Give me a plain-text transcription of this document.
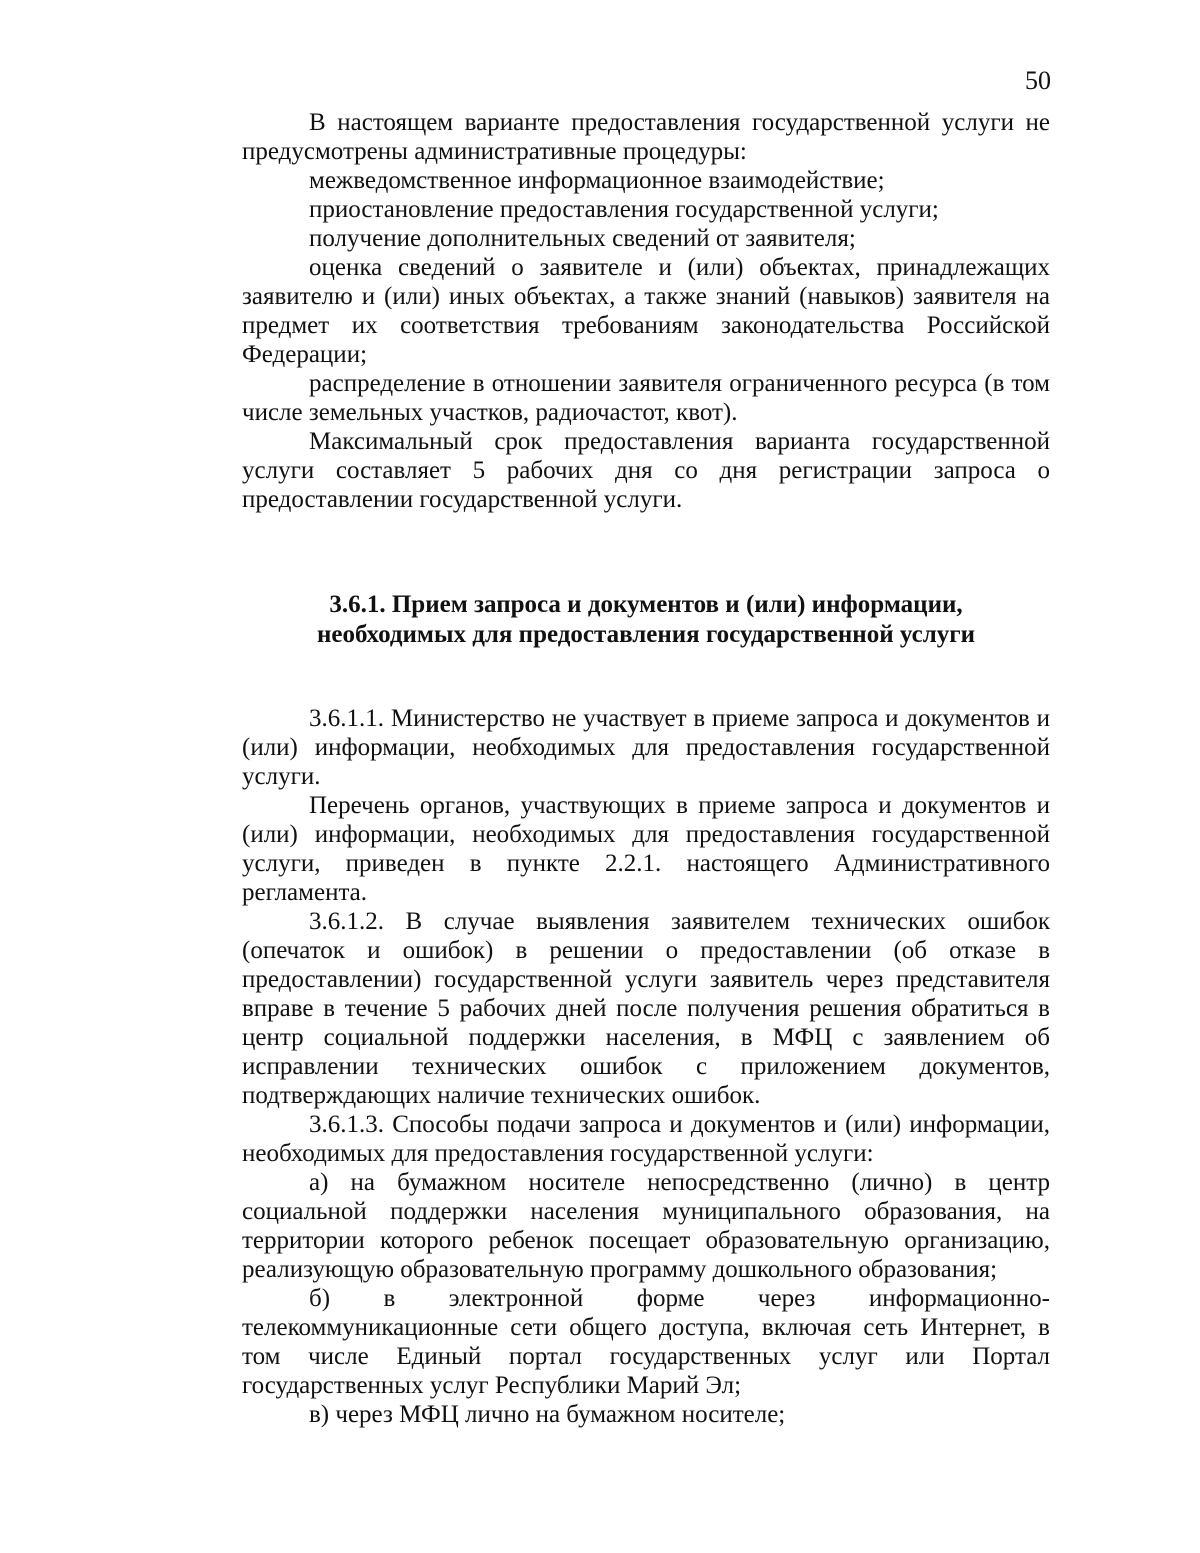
50

В настоящем варианте предоставления государственной услуги не предусмотрены административные процедуры:

межведомственное информационное взаимодействие;

приостановление предоставления государственной услуги;

получение дополнительных сведений от заявителя;

оценка сведений о заявителе и (или) объектах, принадлежащих заявителю и (или) иных объектах, а также знаний (навыков) заявителя на предмет их соответствия требованиям законодательства Российской Федерации;

распределение в отношении заявителя ограниченного ресурса (в том числе земельных участков, радиочастот, квот).

Максимальный срок предоставления варианта государственной услуги составляет 5 рабочих дня со дня регистрации запроса о предоставлении государственной услуги.

3.6.1. Прием запроса и документов и (или) информации,
необходимых для предоставления государственной услуги

3.6.1.1. Министерство не участвует в приеме запроса и документов и (или) информации, необходимых для предоставления государственной услуги.

Перечень органов, участвующих в приеме запроса и документов и (или) информации, необходимых для предоставления государственной услуги, приведен в пункте 2.2.1. настоящего Административного регламента.

3.6.1.2. В случае выявления заявителем технических ошибок (опечаток и ошибок) в решении о предоставлении (об отказе в предоставлении) государственной услуги заявитель через представителя вправе в течение 5 рабочих дней после получения решения обратиться в центр социальной поддержки населения, в МФЦ с заявлением об исправлении технических ошибок с приложением документов, подтверждающих наличие технических ошибок.

3.6.1.3. Способы подачи запроса и документов и (или) информации, необходимых для предоставления государственной услуги:

а) на бумажном носителе непосредственно (лично) в центр социальной поддержки населения муниципального образования, на территории которого ребенок посещает образовательную организацию, реализующую образовательную программу дошкольного образования;

б) в электронной форме через информационно-телекоммуникационные сети общего доступа, включая сеть Интернет, в том числе Единый портал государственных услуг или Портал государственных услуг Республики Марий Эл;

в) через МФЦ лично на бумажном носителе;
